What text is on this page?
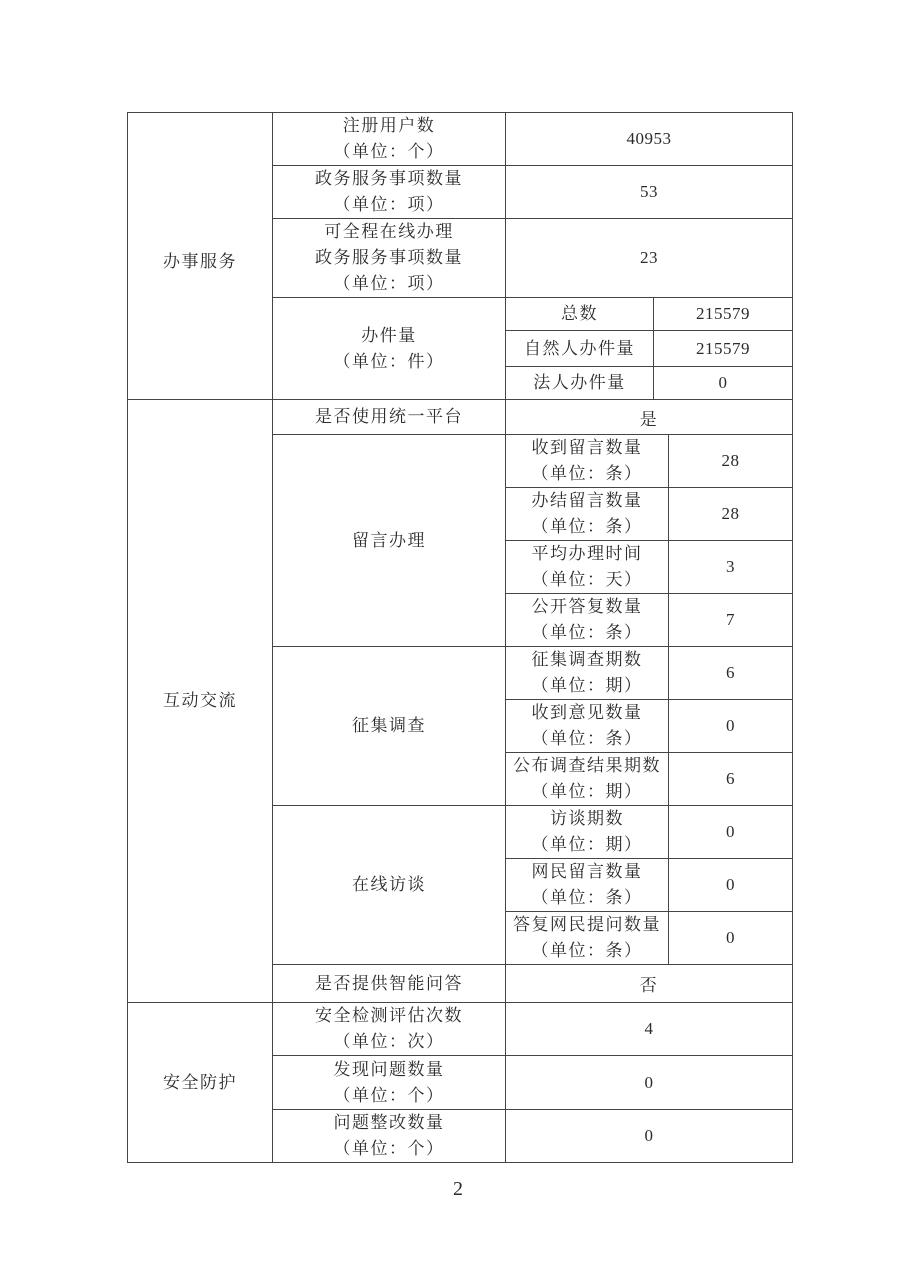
办事服务	注册用户数
（单位：个）	40953		

	政务服务事项数量
（单位：项）	53		

	可全程在线办理
政务服务事项数量
（单位：项）	23		

	办件量
（单位：件）	总数	215579	

		自然人办件量	215579	

		法人办件量	0	

互动交流	是否使用统一平台	是		

	留言办理	收到留言数量
（单位：条）		28

		办结留言数量
（单位：条）		28

		平均办理时间
（单位：天）		3

		公开答复数量
（单位：条）		7

	征集调查	征集调查期数
（单位：期）		6

		收到意见数量
（单位：条）		0

		公布调查结果期数
（单位：期）		6

	在线访谈	访谈期数
（单位：期）		0

		网民留言数量
（单位：条）		0

		答复网民提问数量
（单位：条）		0

	是否提供智能问答	否		

安全防护	安全检测评估次数
（单位：次）	4		

	发现问题数量
（单位：个）	0		

	问题整改数量
（单位：个）	0		
2
